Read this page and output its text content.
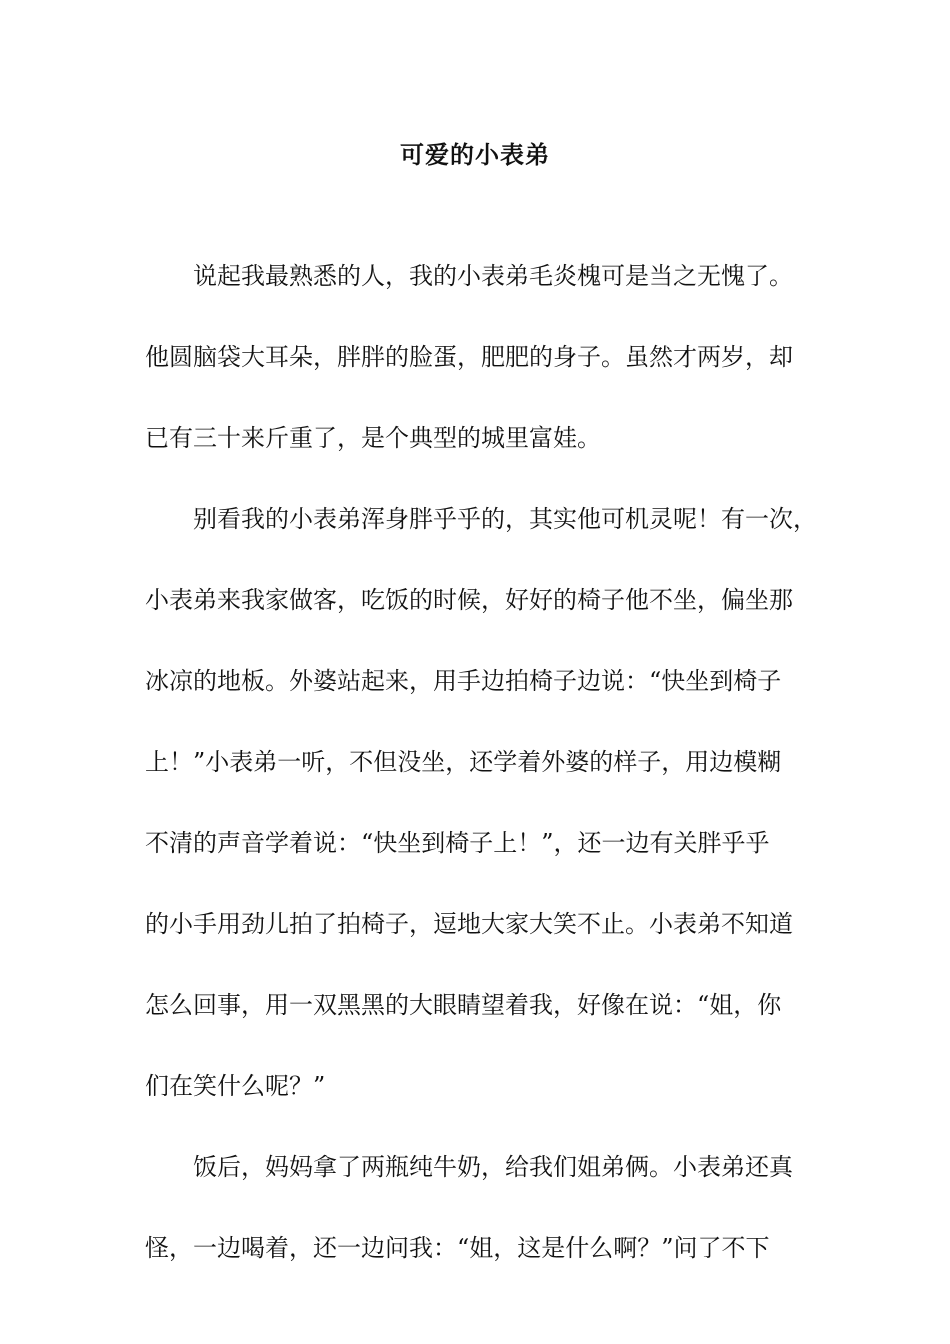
可爱的小表弟
说起我最熟悉的人，我的小表弟毛炎槐可是当之无愧了。
他圆脑袋大耳朵，胖胖的脸蛋，肥肥的身子。虽然才两岁，却
已有三十来斤重了，是个典型的城里富娃。
别看我的小表弟浑身胖乎乎的，其实他可机灵呢！有一次，
小表弟来我家做客，吃饭的时候，好好的椅子他不坐，偏坐那
冰凉的地板。外婆站起来，用手边拍椅子边说：“快坐到椅子
上！”小表弟一听，不但没坐，还学着外婆的样子，用边模糊
不清的声音学着说：“快坐到椅子上！”，还一边有关胖乎乎
的小手用劲儿拍了拍椅子，逗地大家大笑不止。小表弟不知道
怎么回事，用一双黑黑的大眼睛望着我，好像在说：“姐，你
们在笑什么呢？”
饭后，妈妈拿了两瓶纯牛奶，给我们姐弟俩。小表弟还真
怪，一边喝着，还一边问我：“姐，这是什么啊？”问了不下
